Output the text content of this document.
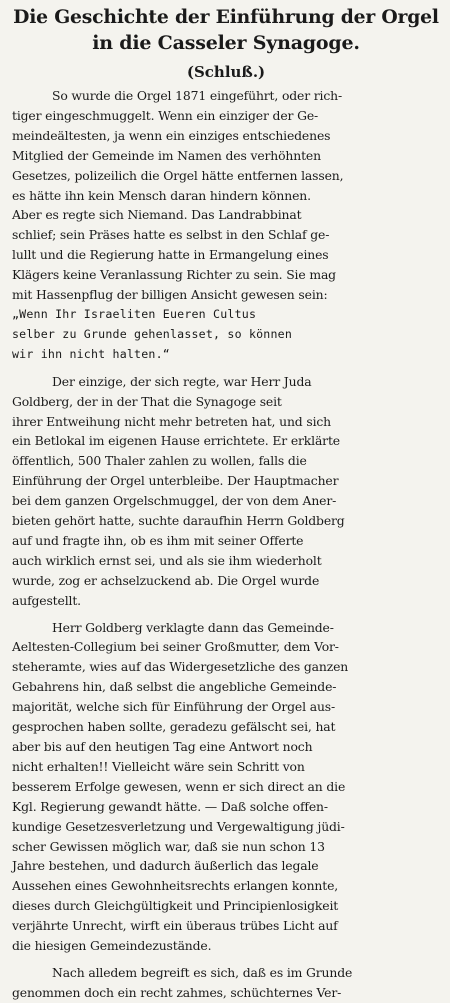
Die Geschichte der Einführung der Orgel
in die Casseler Synagoge.
(Schluß.)

So wurde die Orgel 1871 eingeführt, oder rich-
tiger eingeschmuggelt. Wenn ein einziger der Ge-
meindeältesten, ja wenn ein einziges entschiedenes
Mitglied der Gemeinde im Namen des verhöhnten
Gesetzes, polizeilich die Orgel hätte entfernen lassen,
es hätte ihn kein Mensch daran hindern können.
Aber es regte sich Niemand. Das Landrabbinat
schlief; sein Präses hatte es selbst in den Schlaf ge-
lullt und die Regierung hatte in Ermangelung eines
Klägers keine Veranlassung Richter zu sein. Sie mag
mit Hassenpflug der billigen Ansicht gewesen sein:
„Wenn Ihr Israeliten Eueren Cultus
selber zu Grunde gehenlasset, so können
wir ihn nicht halten.“

Der einzige, der sich regte, war Herr Juda
Goldberg, der in der That die Synagoge seit
ihrer Entweihung nicht mehr betreten hat, und sich
ein Betlokal im eigenen Hause errichtete. Er erklärte
öffentlich, 500 Thaler zahlen zu wollen, falls die
Einführung der Orgel unterbleibe. Der Hauptmacher
bei dem ganzen Orgelschmuggel, der von dem Aner-
bieten gehört hatte, suchte daraufhin Herrn Goldberg
auf und fragte ihn, ob es ihm mit seiner Offerte
auch wirklich ernst sei, und als sie ihm wiederholt
wurde, zog er achselzuckend ab. Die Orgel wurde
aufgestellt.

Herr Goldberg verklagte dann das Gemeinde-
Aeltesten-Collegium bei seiner Großmutter, dem Vor-
steheramte, wies auf das Widergesetzliche des ganzen
Gebahrens hin, daß selbst die angebliche Gemeinde-
majorität, welche sich für Einführung der Orgel aus-
gesprochen haben sollte, geradezu gefälscht sei, hat
aber bis auf den heutigen Tag eine Antwort noch
nicht erhalten!! Vielleicht wäre sein Schritt von
besserem Erfolge gewesen, wenn er sich direct an die
Kgl. Regierung gewandt hätte. — Daß solche offen-
kundige Gesetzesverletzung und Vergewaltigung jüdi-
scher Gewissen möglich war, daß sie nun schon 13
Jahre bestehen, und dadurch äußerlich das legale
Aussehen eines Gewohnheitsrechts erlangen konnte,
dieses durch Gleichgültigkeit und Principienlosigkeit
verjährte Unrecht, wirft ein überaus trübes Licht auf
die hiesigen Gemeindezustände.

Nach alledem begreift es sich, daß es im Grunde
genommen doch ein recht zahmes, schüchternes Ver-
